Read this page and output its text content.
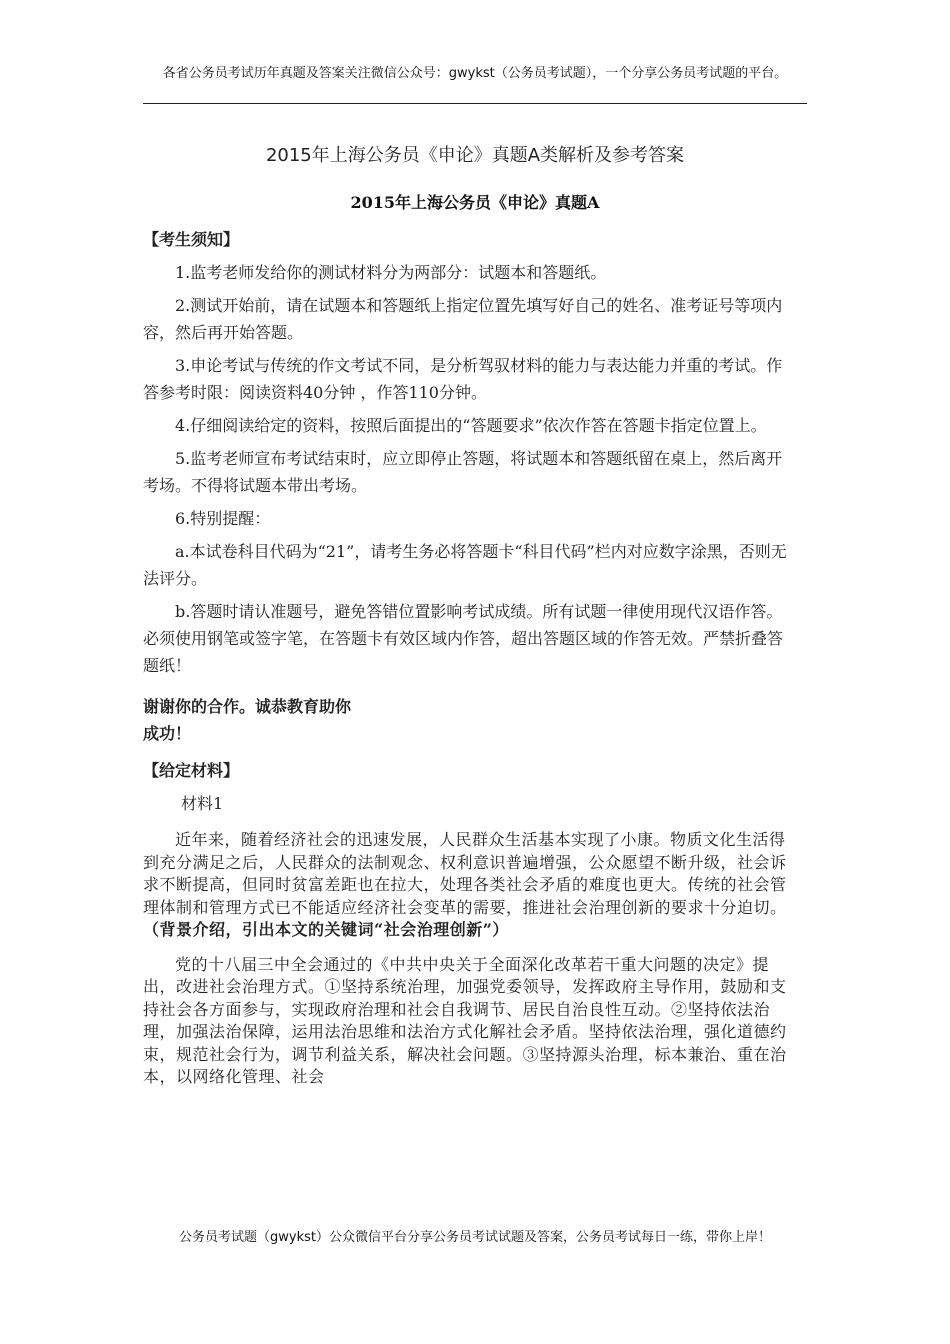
各省公务员考试历年真题及答案关注微信公众号：gwykst（公务员考试题），一个分享公务员考试题的平台。
2015年上海公务员《申论》真题A类解析及参考答案
2015年上海公务员《申论》真题A

【考生须知】

1.监考老师发给你的测试材料分为两部分：试题本和答题纸。

2.测试开始前，请在试题本和答题纸上指定位置先填写好自己的姓名、准考证号等项内容，然后再开始答题。

3.申论考试与传统的作文考试不同，是分析驾驭材料的能力与表达能力并重的考试。作答参考时限：阅读资料40分钟 ，作答110分钟。

4.仔细阅读给定的资料，按照后面提出的“答题要求”依次作答在答题卡指定位置上。

5.监考老师宣布考试结束时，应立即停止答题，将试题本和答题纸留在桌上，然后离开考场。不得将试题本带出考场。

6.特别提醒：

a.本试卷科目代码为“21”，请考生务必将答题卡“科目代码”栏内对应数字涂黑，否则无法评分。

b.答题时请认准题号，避免答错位置影响考试成绩。所有试题一律使用现代汉语作答。必须使用钢笔或签字笔，在答题卡有效区域内作答，超出答题区域的作答无效。严禁折叠答题纸！

谢谢你的合作。诚恭教育助你
成功！

【给定材料】

材料1

近年来，随着经济社会的迅速发展，人民群众生活基本实现了小康。物质文化生活得到充分满足之后，人民群众的法制观念、权利意识普遍增强，公众愿望不断升级，社会诉求不断提高，但同时贫富差距也在拉大，处理各类社会矛盾的难度也更大。传统的社会管理体制和管理方式已不能适应经济社会变革的需要，推进社会治理创新的要求十分迫切。（背景介绍，引出本文的关键词“社会治理创新”）

党的十八届三中全会通过的《中共中央关于全面深化改革若干重大问题的决定》提出，改进社会治理方式。①坚持系统治理，加强党委领导，发挥政府主导作用，鼓励和支持社会各方面参与，实现政府治理和社会自我调节、居民自治良性互动。②坚持依法治理，加强法治保障，运用法治思维和法治方式化解社会矛盾。坚持依法治理，强化道德约束，规范社会行为，调节利益关系，解决社会问题。③坚持源头治理，标本兼治、重在治本，以网络化管理、社会

公务员考试题（gwykst）公众微信平台分享公务员考试试题及答案，公务员考试每日一练，带你上岸！
